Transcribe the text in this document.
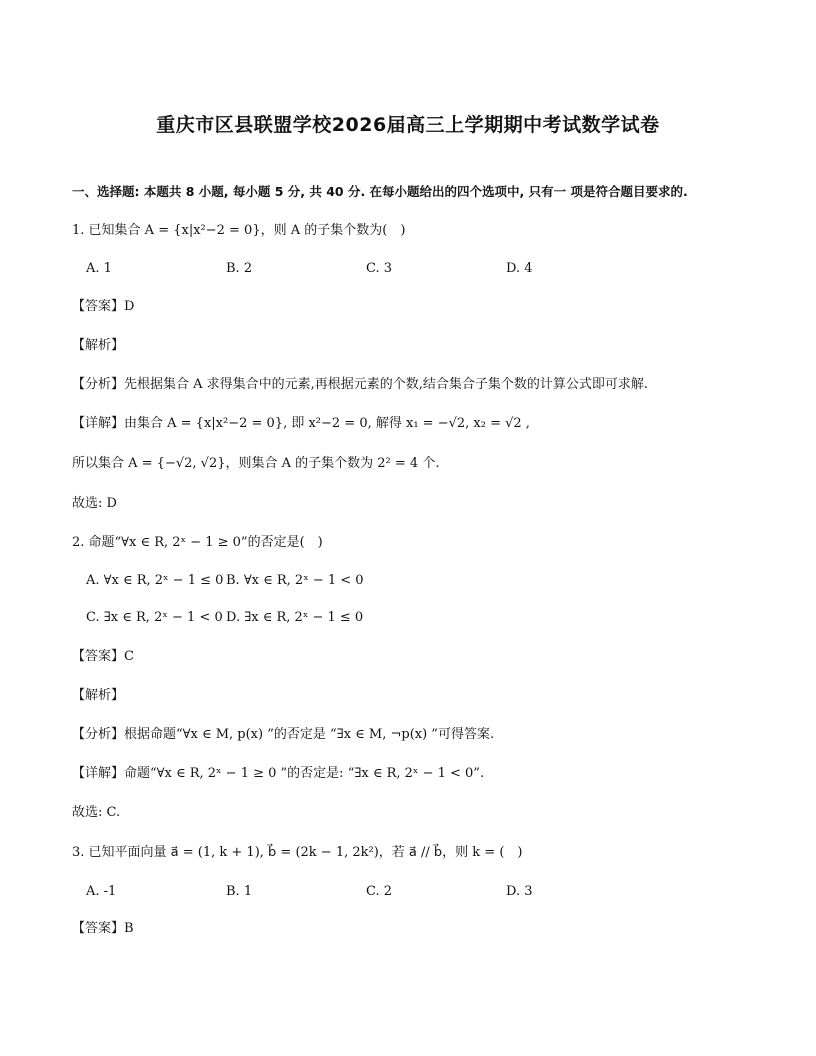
重庆市区县联盟学校2026届高三上学期期中考试数学试卷
一、选择题: 本题共 8 小题, 每小题 5 分, 共 40 分. 在每小题给出的四个选项中, 只有一 项是符合题目要求的.
1. 已知集合 A = {x|x²−2 = 0}，则 A 的子集个数为(　)
A. 1	B. 2	C. 3	D. 4
【答案】D
【解析】
【分析】先根据集合 A 求得集合中的元素,再根据元素的个数,结合集合子集个数的计算公式即可求解.
【详解】由集合 A = {x|x²−2 = 0}, 即 x²−2 = 0, 解得 x₁ = −√2, x₂ = √2 ,
所以集合 A = {−√2, √2}，则集合 A 的子集个数为 2² = 4 个.
故选: D
2. 命题“∀x ∈ R, 2ˣ − 1 ≥ 0”的否定是(　)
A. ∀x ∈ R, 2ˣ − 1 ≤ 0 B. ∀x ∈ R, 2ˣ − 1 < 0
C. ∃x ∈ R, 2ˣ − 1 < 0 D. ∃x ∈ R, 2ˣ − 1 ≤ 0
【答案】C
【解析】
【分析】根据命题“∀x ∈ M, p(x) ”的否定是 “∃x ∈ M, ¬p(x) ”可得答案.
【详解】命题“∀x ∈ R, 2ˣ − 1 ≥ 0 ”的否定是: “∃x ∈ R, 2ˣ − 1 < 0”.
故选: C.
3. 已知平面向量 a⃗ = (1, k + 1), b⃗ = (2k − 1, 2k²)，若 a⃗ // b⃗，则 k = (　)
A. -1	B. 1	C. 2	D. 3
【答案】B
